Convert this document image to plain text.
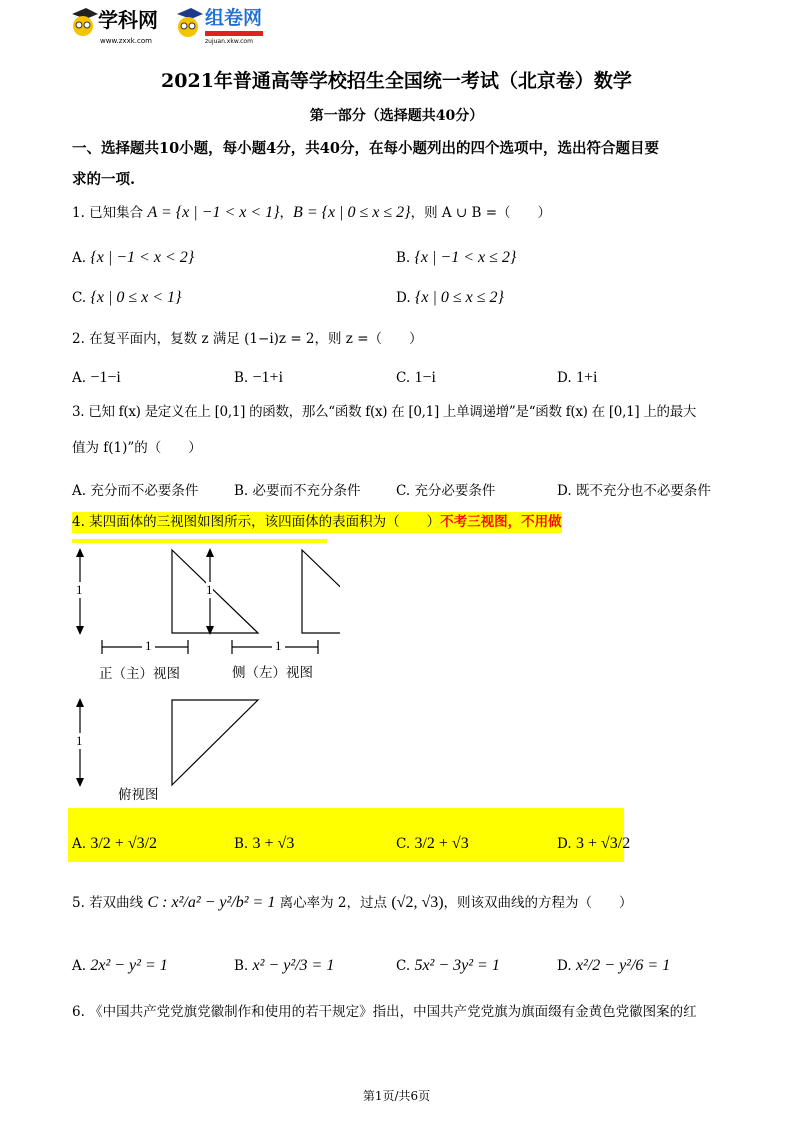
学科网
www.zxxk.com
组卷网
zujuan.xkw.com
2021年普通高等学校招生全国统一考试（北京卷）数学
第一部分（选择题共40分）
一、选择题共10小题，每小题4分，共40分，在每小题列出的四个选项中，选出符合题目要
求的一项.
1. 已知集合 A = {x | −1 < x < 1}，B = {x | 0 ≤ x ≤ 2}，则 A ∪ B =（　　）
A. {x | −1 < x < 2}	B. {x | −1 < x ≤ 2}
C. {x | 0 ≤ x < 1}	D. {x | 0 ≤ x ≤ 2}
2. 在复平面内，复数 z 满足 (1−i)z = 2，则 z =（　　）
A. −1−i	B. −1+i	C. 1−i	D. 1+i
3. 已知 f(x) 是定义在上 [0,1] 的函数，那么“函数 f(x) 在 [0,1] 上单调递增”是“函数 f(x) 在 [0,1] 上的最大
值为 f(1)”的（　　）
A. 充分而不必要条件	B. 必要而不充分条件	C. 充分必要条件	D. 既不充分也不必要条件
4. 某四面体的三视图如图所示，该四面体的表面积为（　　）不考三视图，不用做
1	1
1
1	1
正（主）视图	侧（左）视图
俯视图
A. 3/2 + √3/2	B. 3 + √3	C. 3/2 + √3	D. 3 + √3/2
5. 若双曲线 C : x²/a² − y²/b² = 1 离心率为 2，过点 (√2, √3)，则该双曲线的方程为（　　）
A. 2x² − y² = 1	B. x² − y²/3 = 1	C. 5x² − 3y² = 1	D. x²/2 − y²/6 = 1
6. 《中国共产党党旗党徽制作和使用的若干规定》指出，中国共产党党旗为旗面缀有金黄色党徽图案的红
第1页/共6页
